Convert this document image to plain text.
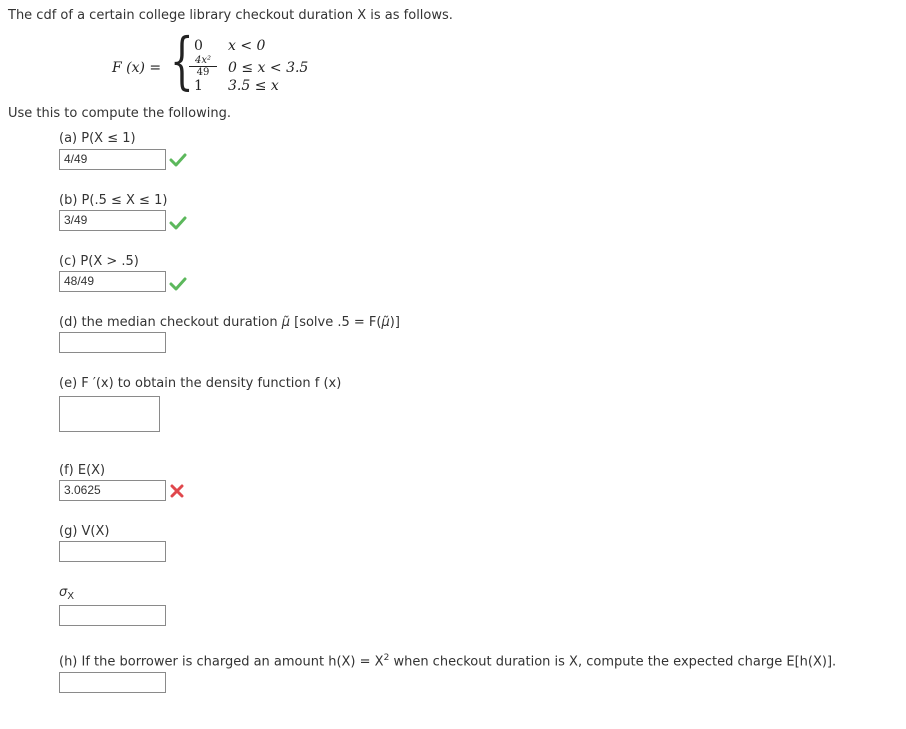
The cdf of a certain college library checkout duration X is as follows.
F (x) = { 0 x < 0
$\frac{\text{4x²}}{49} 0 \le x < 3.5$
1 3.5 ≤ x
Use this to compute the following.
(a) P(X ≤ 1)
4/49
(b) P(.5 ≤ X ≤ 1)
3/49
(c) P(X > .5)
48/49
(d) the median checkout duration μ̃ [solve .5 = F(μ̃)]
(e) F ′(x) to obtain the density function f (x)
(f) E(X)
3.0625
(g) V(X)
$\sigma_X$
(h) If the borrower is charged an amount $h(X) = X^2$ when checkout duration is X, compute the expected charge E[h(X)].
